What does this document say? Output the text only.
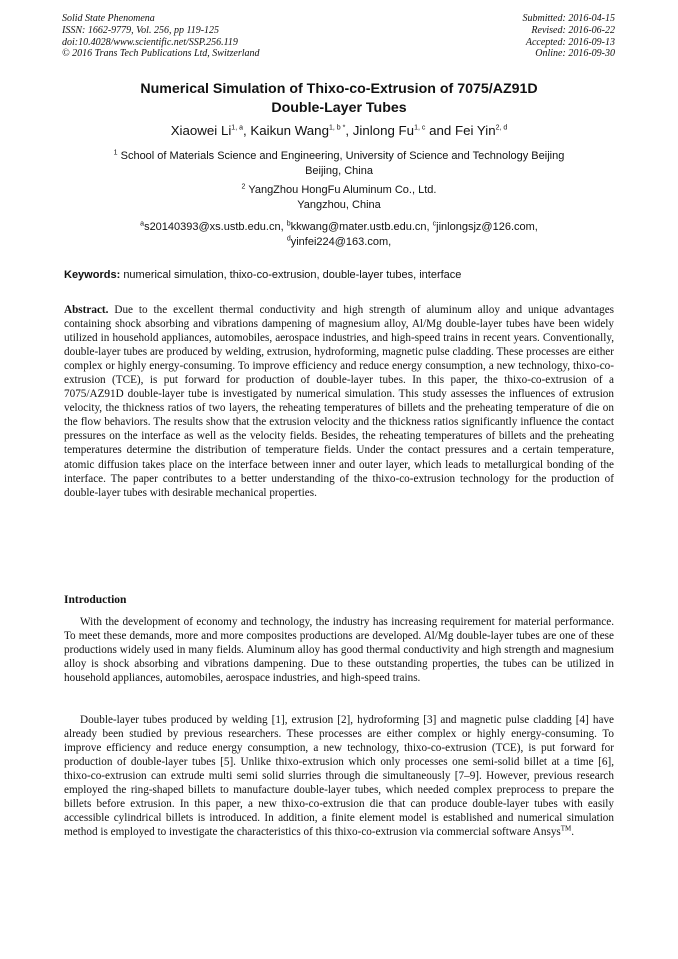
Solid State Phenomena
ISSN: 1662-9779, Vol. 256, pp 119-125
doi:10.4028/www.scientific.net/SSP.256.119
© 2016 Trans Tech Publications Ltd, Switzerland
Submitted: 2016-04-15
Revised: 2016-06-22
Accepted: 2016-09-13
Online: 2016-09-30
Numerical Simulation of Thixo-co-Extrusion of 7075/AZ91D
Double-Layer Tubes
Xiaowei Li$^{1, a}$, Kaikun Wang$^{1, b *}$, Jinlong Fu$^{1, c}$ and Fei Yin$^{2, d}$
$^1$ School of Materials Science and Engineering, University of Science and Technology Beijing
Beijing, China
$^2$ YangZhou HongFu Aluminum Co., Ltd.
Yangzhou, China
$^a$s20140393@xs.ustb.edu.cn, $^b$kkwang@mater.ustb.edu.cn, $^c$jinlongsjz@126.com,
$^d$yinfei224@163.com,
Keywords: numerical simulation, thixo-co-extrusion, double-layer tubes, interface
Abstract. Due to the excellent thermal conductivity and high strength of aluminum alloy and unique advantages containing shock absorbing and vibrations dampening of magnesium alloy, Al/Mg double-layer tubes have been widely utilized in household appliances, automobiles, aerospace industries, and high-speed trains in recent years. Conventionally, double-layer tubes are produced by welding, extrusion, hydroforming, magnetic pulse cladding. These processes are either complex or highly energy-consuming. To improve efficiency and reduce energy consumption, a new technology, thixo-co-extrusion (TCE), is put forward for production of double-layer tubes. In this paper, the thixo-co-extrusion of a 7075/AZ91D double-layer tube is investigated by numerical simulation. This study assesses the influences of extrusion velocity, the thickness ratios of two layers, the reheating temperatures of billets and the preheating temperature of die on the flow behaviors. The results show that the extrusion velocity and the thickness ratios significantly influence the contact pressures on the interface as well as the velocity fields. Besides, the reheating temperatures of billets and the preheating temperatures determine the distribution of temperature fields. Under the contact pressures and a certain temperature, atomic diffusion takes place on the interface between inner and outer layer, which leads to metallurgical bonding of the interface. The paper contributes to a better understanding of the thixo-co-extrusion technology for the production of double-layer tubes with desirable mechanical properties.
Introduction
With the development of economy and technology, the industry has increasing requirement for material performance. To meet these demands, more and more composites productions are developed. Al/Mg double-layer tubes are one of these productions widely used in many fields. Aluminum alloy has good thermal conductivity and high strength and magnesium alloy is shock absorbing and vibrations dampening. Due to these outstanding properties, the tubes can be utilized in household appliances, automobiles, aerospace industries, and high-speed trains.
Double-layer tubes produced by welding [1], extrusion [2], hydroforming [3] and magnetic pulse cladding [4] have already been studied by previous researchers. These processes are either complex or highly energy-consuming. To improve efficiency and reduce energy consumption, a new technology, thixo-co-extrusion (TCE), is put forward for production of double-layer tubes [5]. Unlike thixo-extrusion which only processes one semi-solid billet at a time [6], thixo-co-extrusion can extrude multi semi solid slurries through die simultaneously [7–9]. However, previous research employed the ring-shaped billets to manufacture double-layer tubes, which needed complex preprocess to prepare the billets before extrusion. In this paper, a new thixo-co-extrusion die that can produce double-layer tubes with easily accessible cylindrical billets is introduced. In addition, a finite element model is established and numerical simulation method is employed to investigate the characteristics of this thixo-co-extrusion via commercial software Ansys™.
